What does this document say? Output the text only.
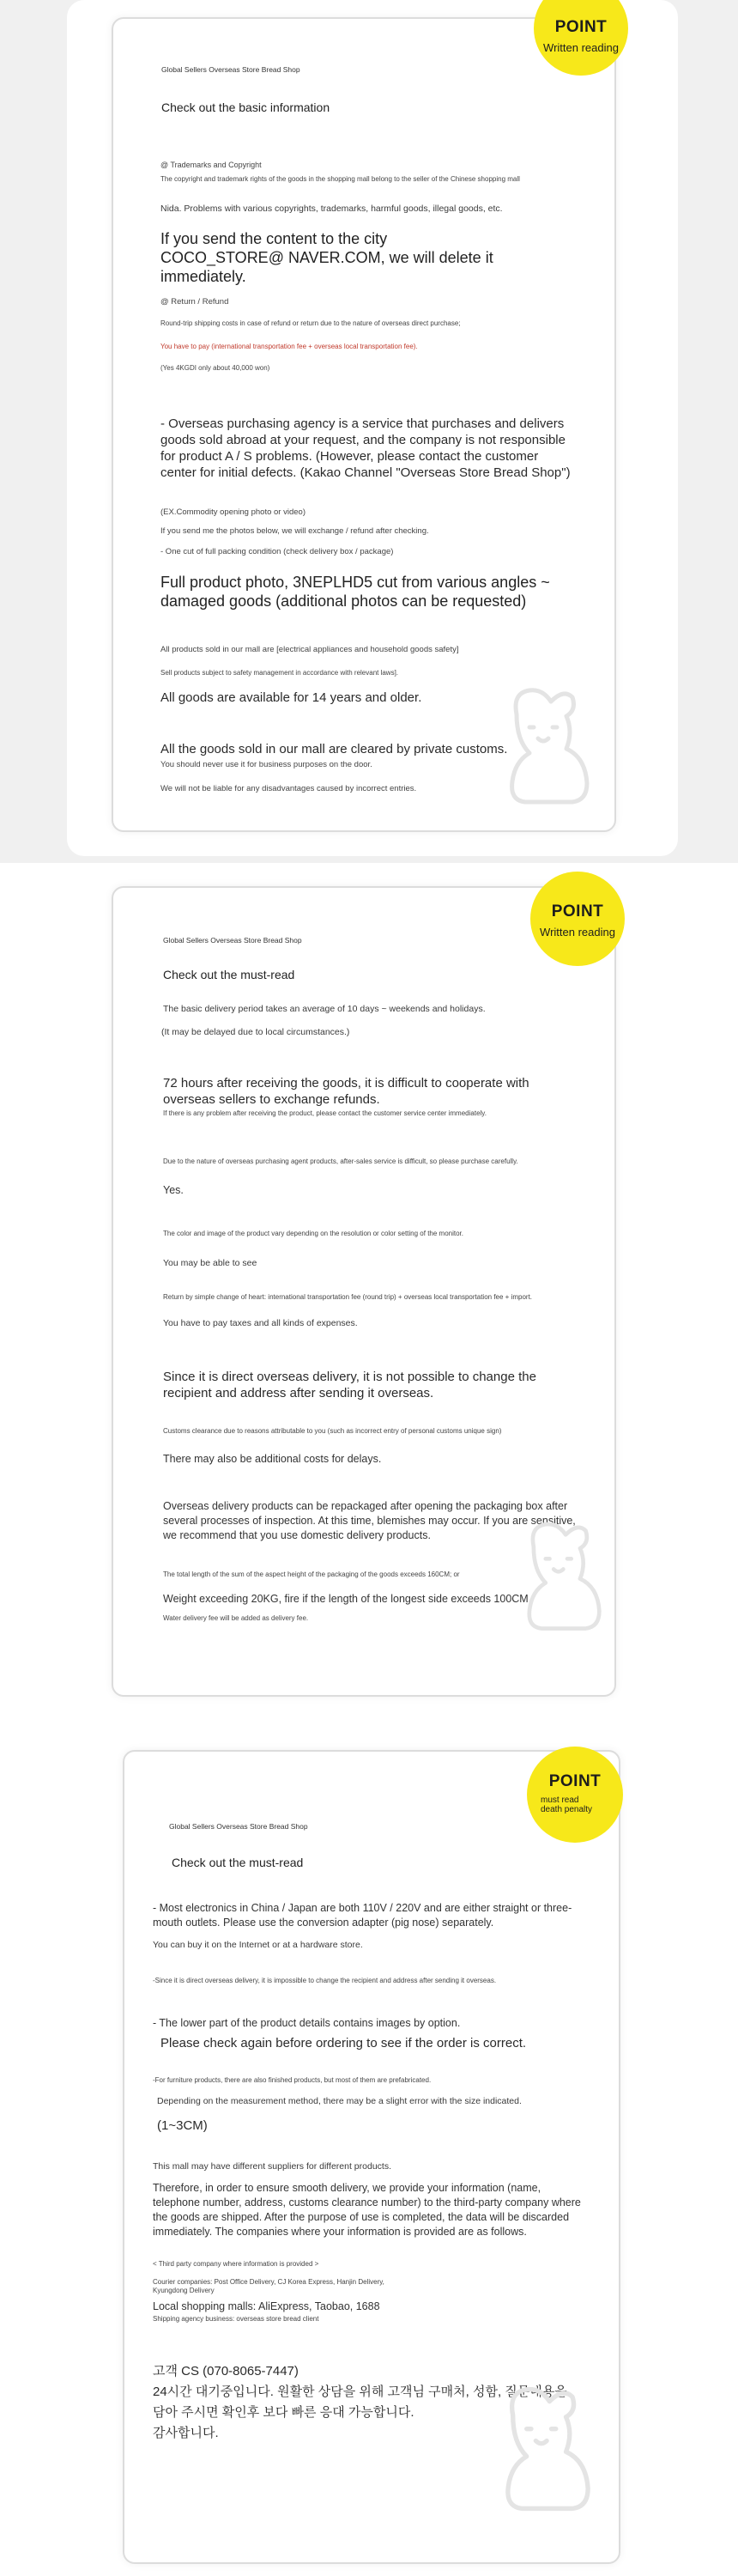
Global Sellers Overseas Store Bread Shop

Check out the basic information

@ Trademarks and Copyright

The copyright and trademark rights of the goods in the shopping mall belong to the seller of the Chinese shopping mall

Nida. Problems with various copyrights, trademarks, harmful goods, illegal goods, etc.

If you send the content to the city COCO_STORE@ NAVER.COM, we will delete it immediately.

@ Return / Refund

Round-trip shipping costs in case of refund or return due to the nature of overseas direct purchase;

You have to pay (international transportation fee + overseas local transportation fee).

(Yes 4KGDI only about 40,000 won)

- Overseas purchasing agency is a service that purchases and delivers goods sold abroad at your request, and the company is not responsible for product A / S problems. (However, please contact the customer center for initial defects. (Kakao Channel "Overseas Store Bread Shop")

(EX.Commodity opening photo or video)

If you send me the photos below, we will exchange / refund after checking.

- One cut of full packing condition (check delivery box / package)

Full product photo, 3NEPLHD5 cut from various angles ~ damaged goods (additional photos can be requested)

All products sold in our mall are [electrical appliances and household goods safety]

Sell products subject to safety management in accordance with relevant laws].

All goods are available for 14 years and older.

All the goods sold in our mall are cleared by private customs.

You should never use it for business purposes on the door.

We will not be liable for any disadvantages caused by incorrect entries.

POINT
Written reading

Global Sellers Overseas Store Bread Shop

Check out the must-read

The basic delivery period takes an average of 10 days ~ weekends and holidays.

(It may be delayed due to local circumstances.)

72 hours after receiving the goods, it is difficult to cooperate with overseas sellers to exchange refunds.

If there is any problem after receiving the product, please contact the customer service center immediately.

Due to the nature of overseas purchasing agent products, after-sales service is difficult, so please purchase carefully.

Yes.

The color and image of the product vary depending on the resolution or color setting of the monitor.

You may be able to see

Return by simple change of heart: international transportation fee (round trip) + overseas local transportation fee + import.

You have to pay taxes and all kinds of expenses.

Since it is direct overseas delivery, it is not possible to change the recipient and address after sending it overseas.

Customs clearance due to reasons attributable to you (such as incorrect entry of personal customs unique sign)

There may also be additional costs for delays.

Overseas delivery products can be repackaged after opening the packaging box after several processes of inspection. At this time, blemishes may occur. If you are sensitive, we recommend that you use domestic delivery products.

The total length of the sum of the aspect height of the packaging of the goods exceeds 160CM; or

Weight exceeding 20KG, fire if the length of the longest side exceeds 100CM

Water delivery fee will be added as delivery fee.

POINT
Written reading

Global Sellers Overseas Store Bread Shop

Check out the must-read

- Most electronics in China / Japan are both 110V / 220V and are either straight or three-mouth outlets. Please use the conversion adapter (pig nose) separately.

You can buy it on the Internet or at a hardware store.

-Since it is direct overseas delivery, it is impossible to change the recipient and address after sending it overseas.

- The lower part of the product details contains images by option.

Please check again before ordering to see if the order is correct.

-For furniture products, there are also finished products, but most of them are prefabricated.

Depending on the measurement method, there may be a slight error with the size indicated.

(1~3CM)

This mall may have different suppliers for different products.

Therefore, in order to ensure smooth delivery, we provide your information (name, telephone number, address, customs clearance number) to the third-party company where the goods are shipped. After the purpose of use is completed, the data will be discarded immediately. The companies where your information is provided are as follows.

< Third party company where information is provided >

Courier companies: Post Office Delivery, CJ Korea Express, Hanjin Delivery, Kyungdong Delivery

Local shopping malls: AliExpress, Taobao, 1688

Shipping agency business: overseas store bread client

고객 CS (070-8065-7447)

24시간 대기중입니다. 원활한 상담을 위해 고객님 구매처, 성함, 질문내용을

담아 주시면 확인후 보다 빠른 응대 가능합니다.

감사합니다.

POINT
must read death penalty
